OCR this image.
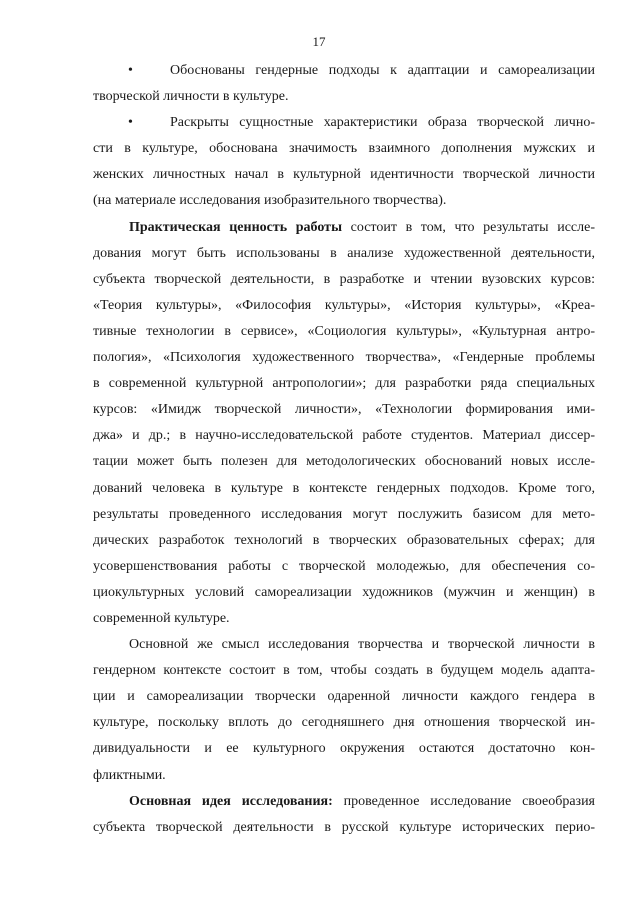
17
•	Обоснованы гендерные подходы к адаптации и самореализации
творческой личности в культуре.
•	Раскрыты сущностные характеристики образа творческой лично-
сти в культуре, обоснована значимость взаимного дополнения мужских и
женских личностных начал в культурной идентичности творческой личности
(на материале исследования изобразительного творчества).
Практическая ценность работы состоит в том, что результаты иссле-
дования могут быть использованы в анализе художественной деятельности,
субъекта творческой деятельности, в разработке и чтении вузовских курсов:
«Теория культуры», «Философия культуры», «История культуры», «Креа-
тивные технологии в сервисе», «Социология культуры», «Культурная антро-
пология», «Психология художественного творчества», «Гендерные проблемы
в современной культурной антропологии»; для разработки ряда специальных
курсов: «Имидж творческой личности», «Технологии формирования ими-
джа» и др.; в научно-исследовательской работе студентов. Материал диссер-
тации может быть полезен для методологических обоснований новых иссле-
дований человека в культуре в контексте гендерных подходов. Кроме того,
результаты проведенного исследования могут послужить базисом для мето-
дических разработок технологий в творческих образовательных сферах; для
усовершенствования работы с творческой молодежью, для обеспечения со-
циокультурных условий самореализации художников (мужчин и женщин) в
современной культуре.
Основной же смысл исследования творчества и творческой личности в
гендерном контексте состоит в том, чтобы создать в будущем модель адапта-
ции и самореализации творчески одаренной личности каждого гендера в
культуре, поскольку вплоть до сегодняшнего дня отношения творческой ин-
дивидуальности и ее культурного окружения остаются достаточно кон-
фликтными.
Основная идея исследования: проведенное исследование своеобразия
субъекта творческой деятельности в русской культуре исторических перио-
